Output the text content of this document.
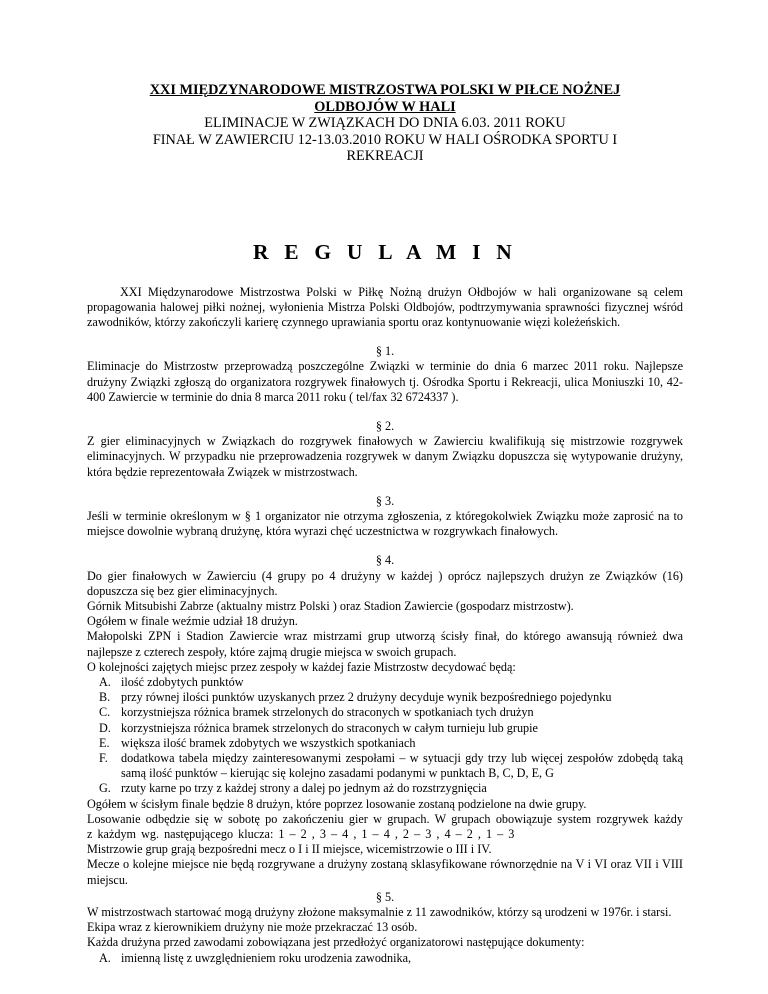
XXI MIĘDZYNARODOWE MISTRZOSTWA POLSKI W PIŁCE NOŻNEJ
OLDBOJÓW W HALI
ELIMINACJE W ZWIĄZKACH DO DNIA 6.03. 2011 ROKU
FINAŁ W ZAWIERCIU 12-13.03.2010 ROKU W HALI OŚRODKA SPORTU I
REKREACJI
R E G U L A M I N
XXI Międzynarodowe Mistrzostwa Polski w Piłkę Nożną drużyn Ołdbojów w hali organizowane są celem propagowania halowej piłki nożnej, wyłonienia Mistrza Polski Oldbojów, podtrzymywania sprawności fizycznej wśród zawodników, którzy zakończyli karierę czynnego uprawiania sportu oraz kontynuowanie więzi koleżeńskich.
§ 1.
Eliminacje do Mistrzostw przeprowadzą poszczególne Związki w terminie do dnia 6 marzec 2011 roku. Najlepsze drużyny Związki zgłoszą do organizatora rozgrywek finałowych tj. Ośrodka Sportu i Rekreacji, ulica Moniuszki 10, 42-400 Zawiercie w terminie do dnia 8 marca 2011 roku ( tel/fax 32 6724337 ).
§ 2.
Z gier eliminacyjnych w Związkach do rozgrywek finałowych w Zawierciu kwalifikują się mistrzowie rozgrywek eliminacyjnych. W przypadku nie przeprowadzenia rozgrywek w danym Związku dopuszcza się wytypowanie drużyny, która będzie reprezentowała Związek w mistrzostwach.
§ 3.
Jeśli w terminie określonym w § 1 organizator nie otrzyma zgłoszenia, z któregokolwiek Związku może zaprosić na to miejsce dowolnie wybraną drużynę, która wyrazi chęć uczestnictwa w rozgrywkach finałowych.
§ 4.
Do gier finałowych w Zawierciu (4 grupy po 4 drużyny w każdej ) oprócz najlepszych drużyn ze Związków (16) dopuszcza się bez gier eliminacyjnych.
Górnik Mitsubishi Zabrze (aktualny mistrz Polski ) oraz Stadion Zawiercie (gospodarz mistrzostw).
Ogółem w finale weźmie udział 18 drużyn.
Małopolski ZPN i Stadion Zawiercie wraz mistrzami grup utworzą ścisły finał, do którego awansują również dwa najlepsze z czterech zespoły, które zajmą drugie miejsca w swoich grupach.
O kolejności zajętych miejsc przez zespoły w każdej fazie Mistrzostw decydować będą:
A. ilość zdobytych punktów
B. przy równej ilości punktów uzyskanych przez 2 drużyny decyduje wynik bezpośredniego pojedynku
C. korzystniejsza różnica bramek strzelonych do straconych w spotkaniach tych drużyn
D. korzystniejsza różnica bramek strzelonych do straconych w całym turnieju lub grupie
E. większa ilość bramek zdobytych we wszystkich spotkaniach
F.	dodatkowa tabela między zainteresowanymi zespołami – w sytuacji gdy trzy lub więcej zespołów zdobędą taką samą ilość punktów – kierując się kolejno zasadami podanymi w punktach B, C, D, E, G
G. rzuty karne po trzy z każdej strony a dalej po jednym aż do rozstrzygnięcia
Ogółem w ścisłym finale będzie 8 drużyn, które poprzez losowanie zostaną podzielone na dwie grupy.
Losowanie odbędzie się w sobotę po zakończeniu gier w grupach. W grupach obowiązuje system rozgrywek każdy z każdym wg. następującego klucza: 1 – 2 , 3 – 4 , 1 – 4 , 2 – 3 , 4 – 2 , 1 – 3
Mistrzowie grup grają bezpośredni mecz o I i II miejsce, wicemistrzowie o III i IV.
Mecze o kolejne miejsce nie będą rozgrywane a drużyny zostaną sklasyfikowane równorzędnie na V i VI oraz VII i VIII miejscu.
§ 5.
W mistrzostwach startować mogą drużyny złożone maksymalnie z 11 zawodników, którzy są urodzeni w 1976r. i starsi.
Ekipa wraz z kierownikiem drużyny nie może przekraczać 13 osób.
Każda drużyna przed zawodami zobowiązana jest przedłożyć organizatorowi następujące dokumenty:
A. imienną listę z uwzględnieniem roku urodzenia zawodnika,
